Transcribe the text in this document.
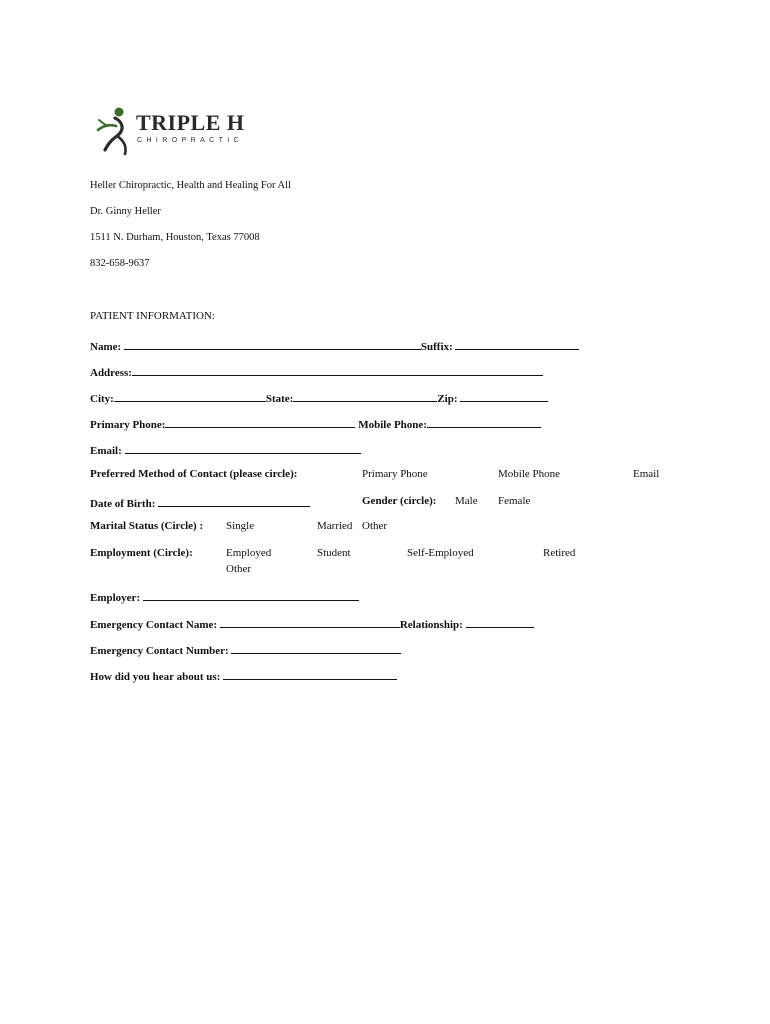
TRIPLE H
CHIROPRACTIC
Heller Chiropractic, Health and Healing For All
Dr. Ginny Heller
1511 N. Durham, Houston, Texas 77008
832-658-9637
PATIENT INFORMATION:
Name:	Suffix:
Address:
City:	State:	Zip:
Primary Phone:	Mobile Phone:
Email:
Preferred Method of Contact (please circle):	Primary Phone	Mobile Phone	Email
Date of Birth:	Gender (circle): Male Female
Marital Status (Circle) : Single	Married Other
Employment (Circle):	Employed	Student	Self-Employed	Retired
Other
Employer:
Emergency Contact Name:	Relationship:
Emergency Contact Number:
How did you hear about us:
